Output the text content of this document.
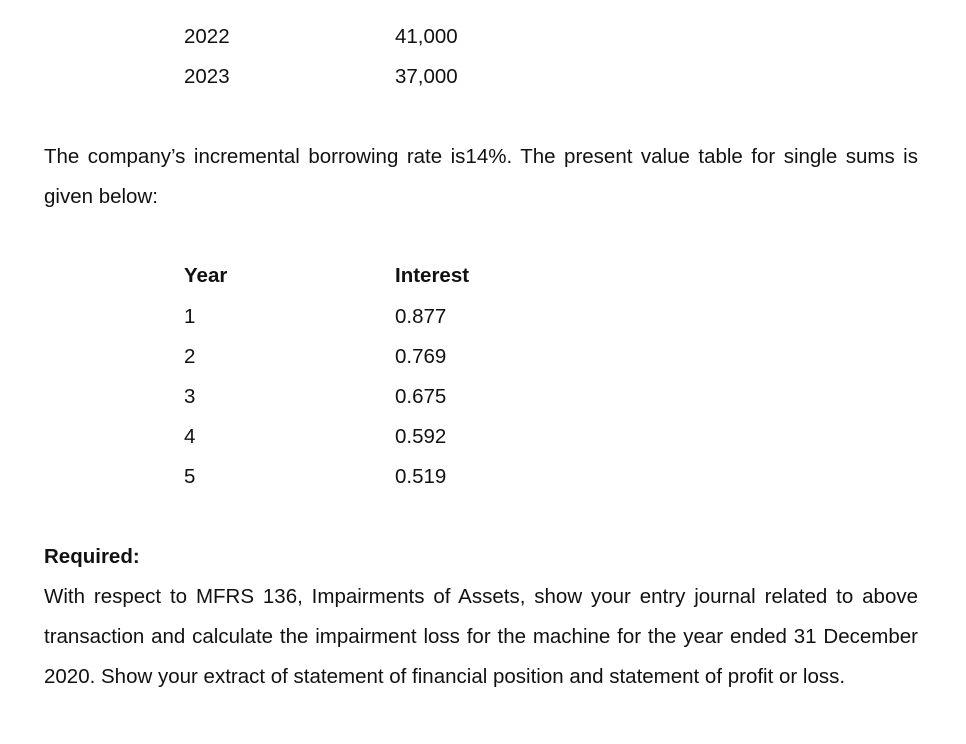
2022	41,000
2023	37,000

The company’s incremental borrowing rate is14%. The present value table for single sums is given below:

Year	Interest
1	0.877
2	0.769
3	0.675
4	0.592
5	0.519
Required:

With respect to MFRS 136, Impairments of Assets, show your entry journal related to above transaction and calculate the impairment loss for the machine for the year ended 31 December 2020. Show your extract of statement of financial position and statement of profit or loss.
